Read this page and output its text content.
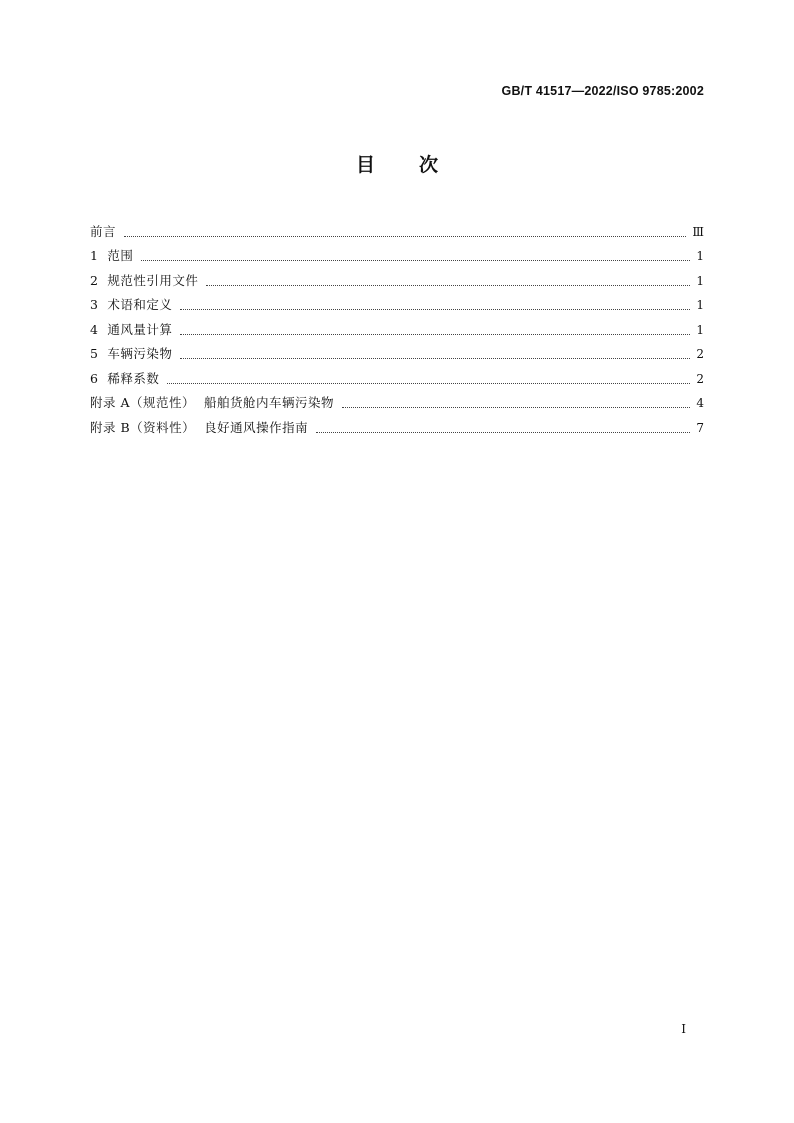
GB/T 41517—2022/ISO 9785:2002
目次
前言	Ⅲ
1  范围	1
2  规范性引用文件	1
3  术语和定义	1
4  通风量计算	1
5  车辆污染物	2
6  稀释系数	2
附录 A（规范性）  船舶货舱内车辆污染物	4
附录 B（资料性）  良好通风操作指南	7
I
